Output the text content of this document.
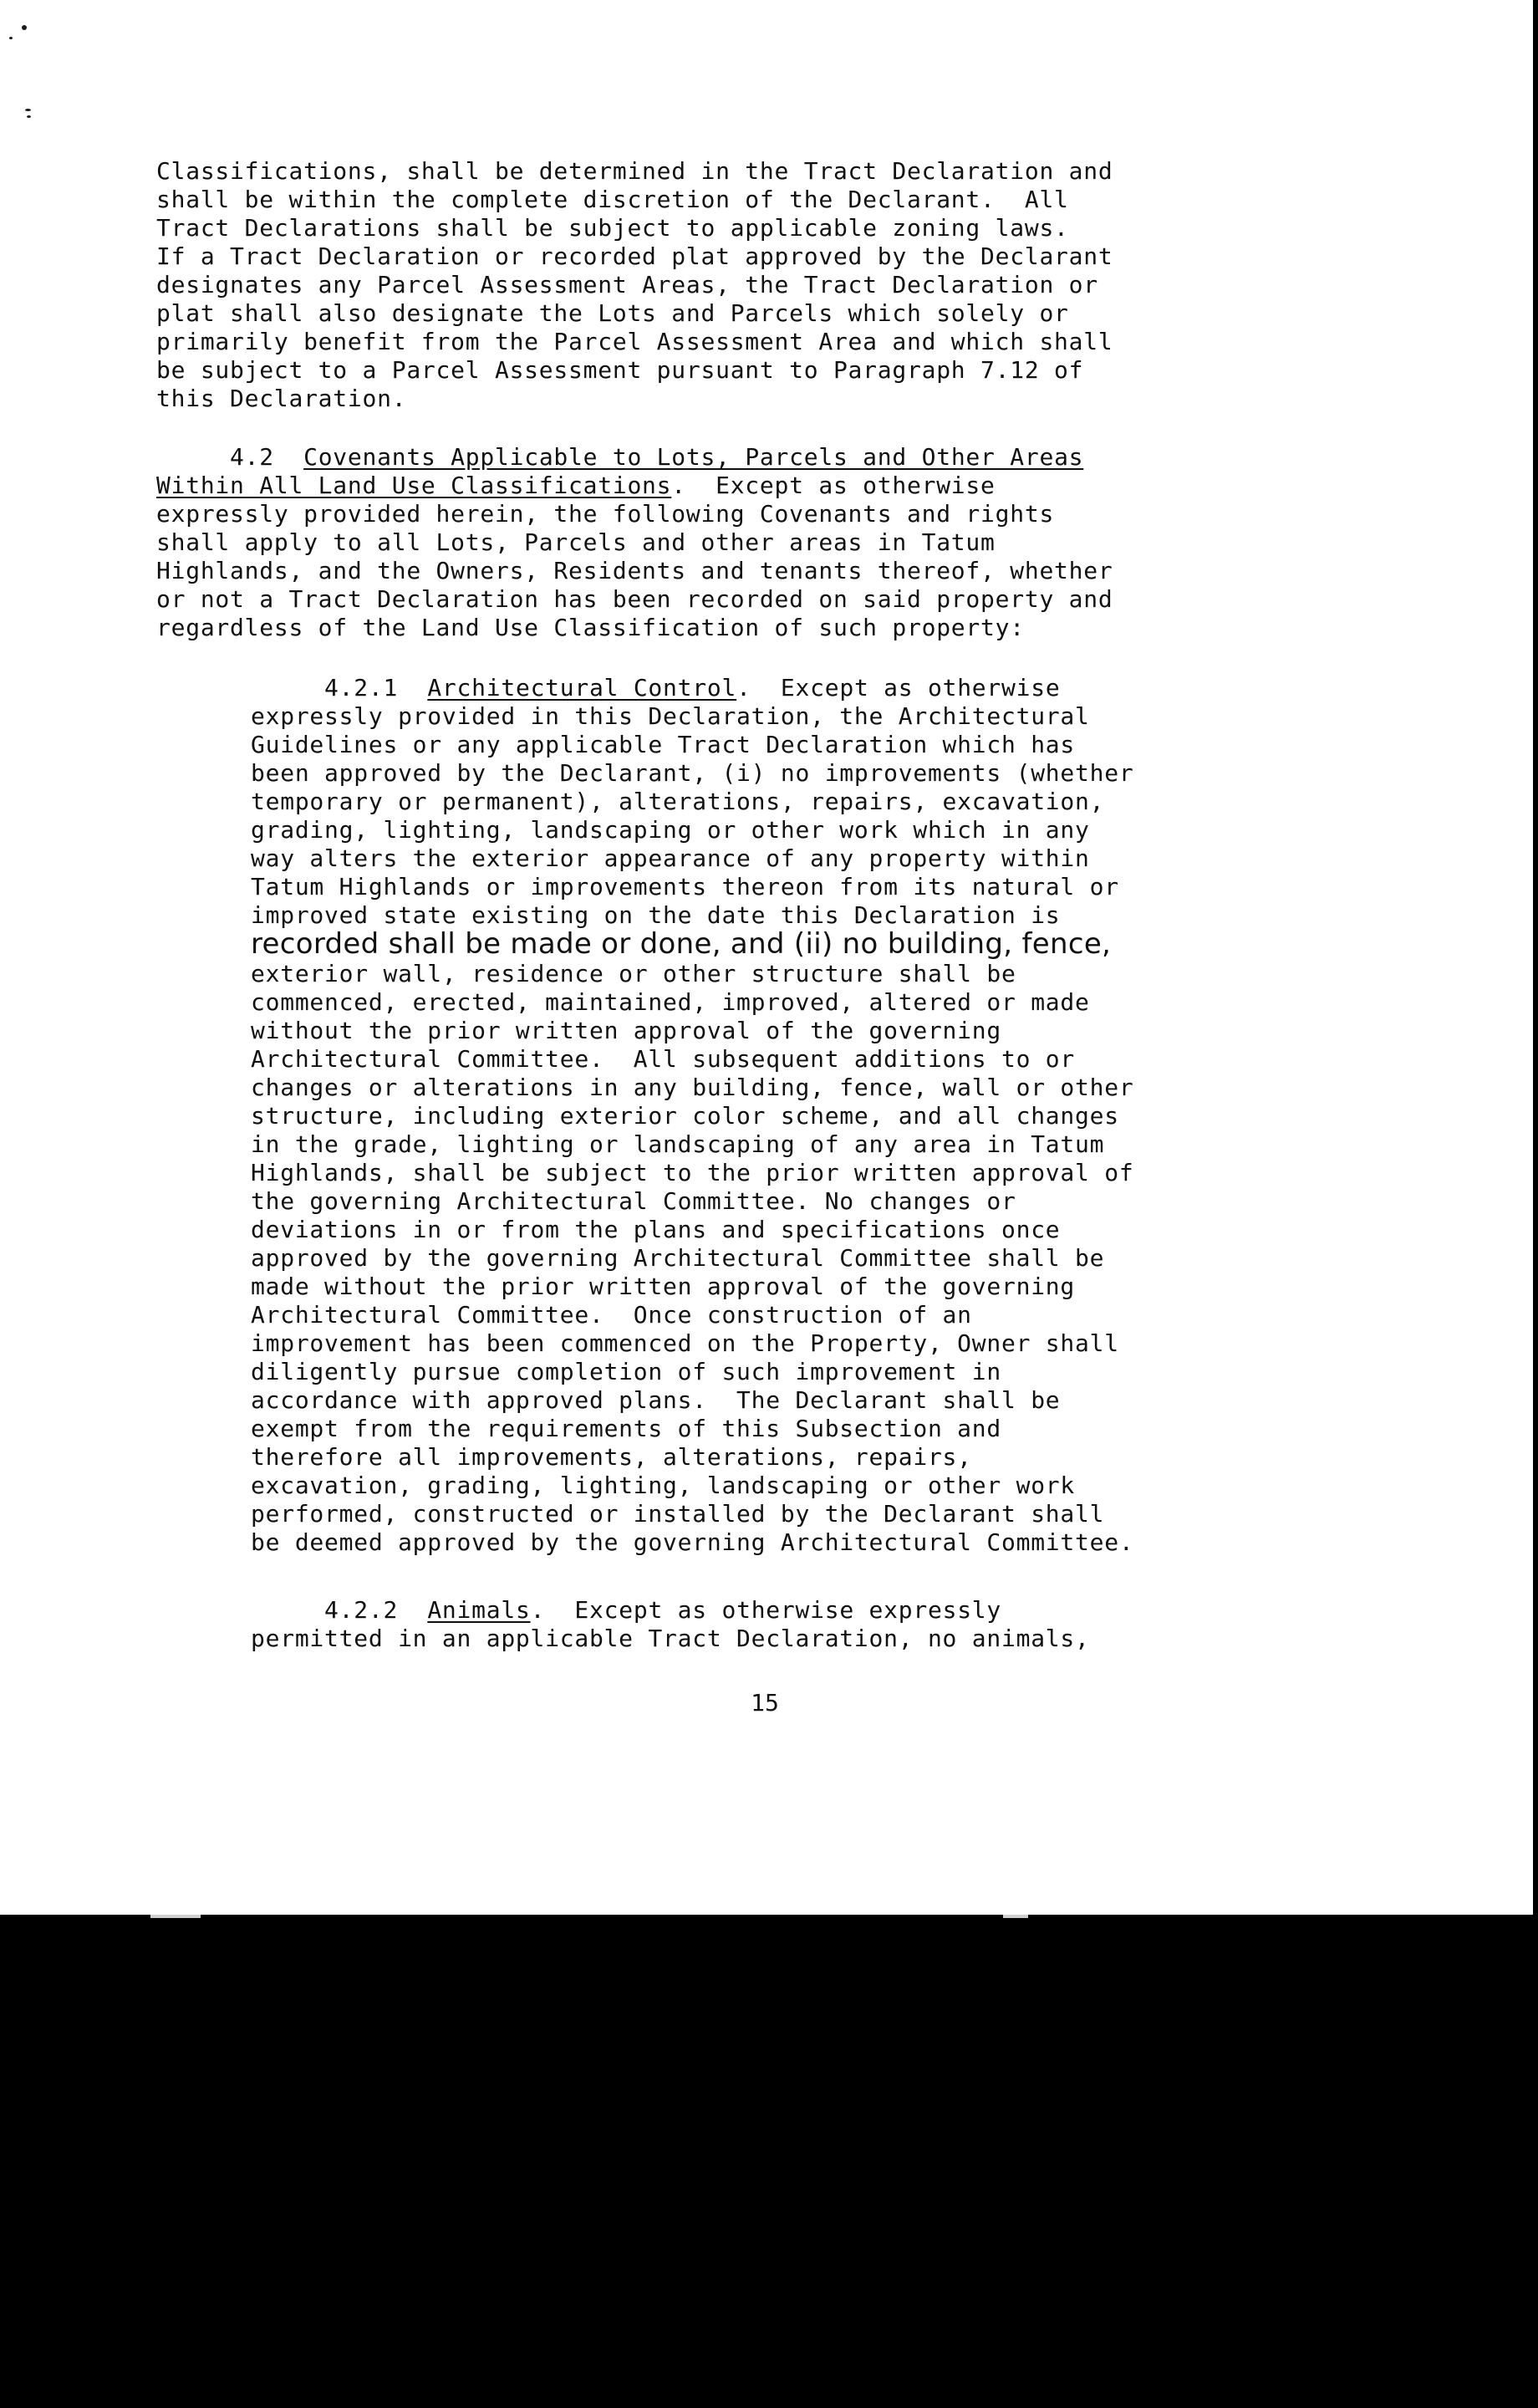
Classifications, shall be determined in the Tract Declaration and
shall be within the complete discretion of the Declarant.  All
Tract Declarations shall be subject to applicable zoning laws.
If a Tract Declaration or recorded plat approved by the Declarant
designates any Parcel Assessment Areas, the Tract Declaration or
plat shall also designate the Lots and Parcels which solely or
primarily benefit from the Parcel Assessment Area and which shall
be subject to a Parcel Assessment pursuant to Paragraph 7.12 of
this Declaration.
4.2 Covenants Applicable to Lots, Parcels and Other Areas
Within All Land Use Classifications.  Except as otherwise
expressly provided herein, the following Covenants and rights
shall apply to all Lots, Parcels and other areas in Tatum
Highlands, and the Owners, Residents and tenants thereof, whether
or not a Tract Declaration has been recorded on said property and
regardless of the Land Use Classification of such property:
4.2.1 Architectural Control.  Except as otherwise
expressly provided in this Declaration, the Architectural
Guidelines or any applicable Tract Declaration which has
been approved by the Declarant, (i) no improvements (whether
temporary or permanent), alterations, repairs, excavation,
grading, lighting, landscaping or other work which in any
way alters the exterior appearance of any property within
Tatum Highlands or improvements thereon from its natural or
improved state existing on the date this Declaration is
recorded shall be made or done, and (ii) no building, fence,
exterior wall, residence or other structure shall be
commenced, erected, maintained, improved, altered or made
without the prior written approval of the governing
Architectural Committee.  All subsequent additions to or
changes or alterations in any building, fence, wall or other
structure, including exterior color scheme, and all changes
in the grade, lighting or landscaping of any area in Tatum
Highlands, shall be subject to the prior written approval of
the governing Architectural Committee. No changes or
deviations in or from the plans and specifications once
approved by the governing Architectural Committee shall be
made without the prior written approval of the governing
Architectural Committee.  Once construction of an
improvement has been commenced on the Property, Owner shall
diligently pursue completion of such improvement in
accordance with approved plans.  The Declarant shall be
exempt from the requirements of this Subsection and
therefore all improvements, alterations, repairs,
excavation, grading, lighting, landscaping or other work
performed, constructed or installed by the Declarant shall
be deemed approved by the governing Architectural Committee.
4.2.2 Animals.  Except as otherwise expressly
permitted in an applicable Tract Declaration, no animals,
15
